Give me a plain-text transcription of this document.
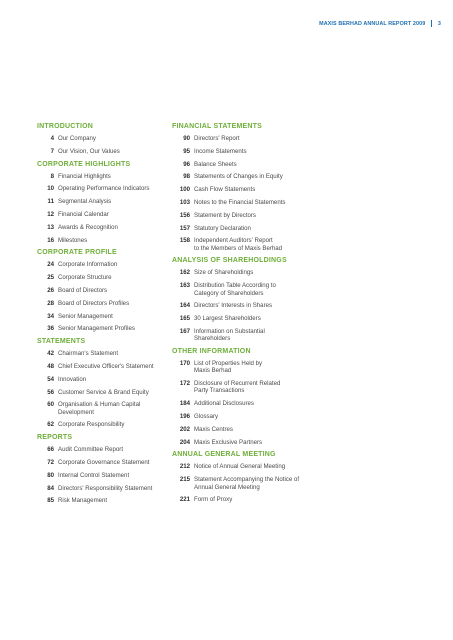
MAXIS BERHAD ANNUAL REPORT 2009 3
INTRODUCTION
4 Our Company
7 Our Vision, Our Values
CORPORATE HIGHLIGHTS
8 Financial Highlights
10 Operating Performance Indicators
11 Segmental Analysis
12 Financial Calendar
13 Awards & Recognition
16 Milestones
CORPORATE PROFILE
24 Corporate Information
25 Corporate Structure
26 Board of Directors
28 Board of Directors Profiles
34 Senior Management
36 Senior Management Profiles
STATEMENTS
42 Chairman's Statement
48 Chief Executive Officer's Statement
54 Innovation
56 Customer Service & Brand Equity
60 Organisation & Human Capital
Development
62 Corporate Responsibility
REPORTS
66 Audit Committee Report
72 Corporate Governance Statement
80 Internal Control Statement
84 Directors' Responsibility Statement
85 Risk Management
FINANCIAL STATEMENTS
90 Directors' Report
95 Income Statements
96 Balance Sheets
98 Statements of Changes in Equity
100 Cash Flow Statements
103 Notes to the Financial Statements
156 Statement by Directors
157 Statutory Declaration
158 Independent Auditors' Report
to the Members of Maxis Berhad
ANALYSIS OF SHAREHOLDINGS
162 Size of Shareholdings
163 Distribution Table According to
Category of Shareholders
164 Directors' Interests in Shares
165 30 Largest Shareholders
167 Information on Substantial
Shareholders
OTHER INFORMATION
170 List of Properties Held by
Maxis Berhad
172 Disclosure of Recurrent Related
Party Transactions
184 Additional Disclosures
196 Glossary
202 Maxis Centres
204 Maxis Exclusive Partners
ANNUAL GENERAL MEETING
212 Notice of Annual General Meeting
215 Statement Accompanying the Notice of
Annual General Meeting
221 Form of Proxy
